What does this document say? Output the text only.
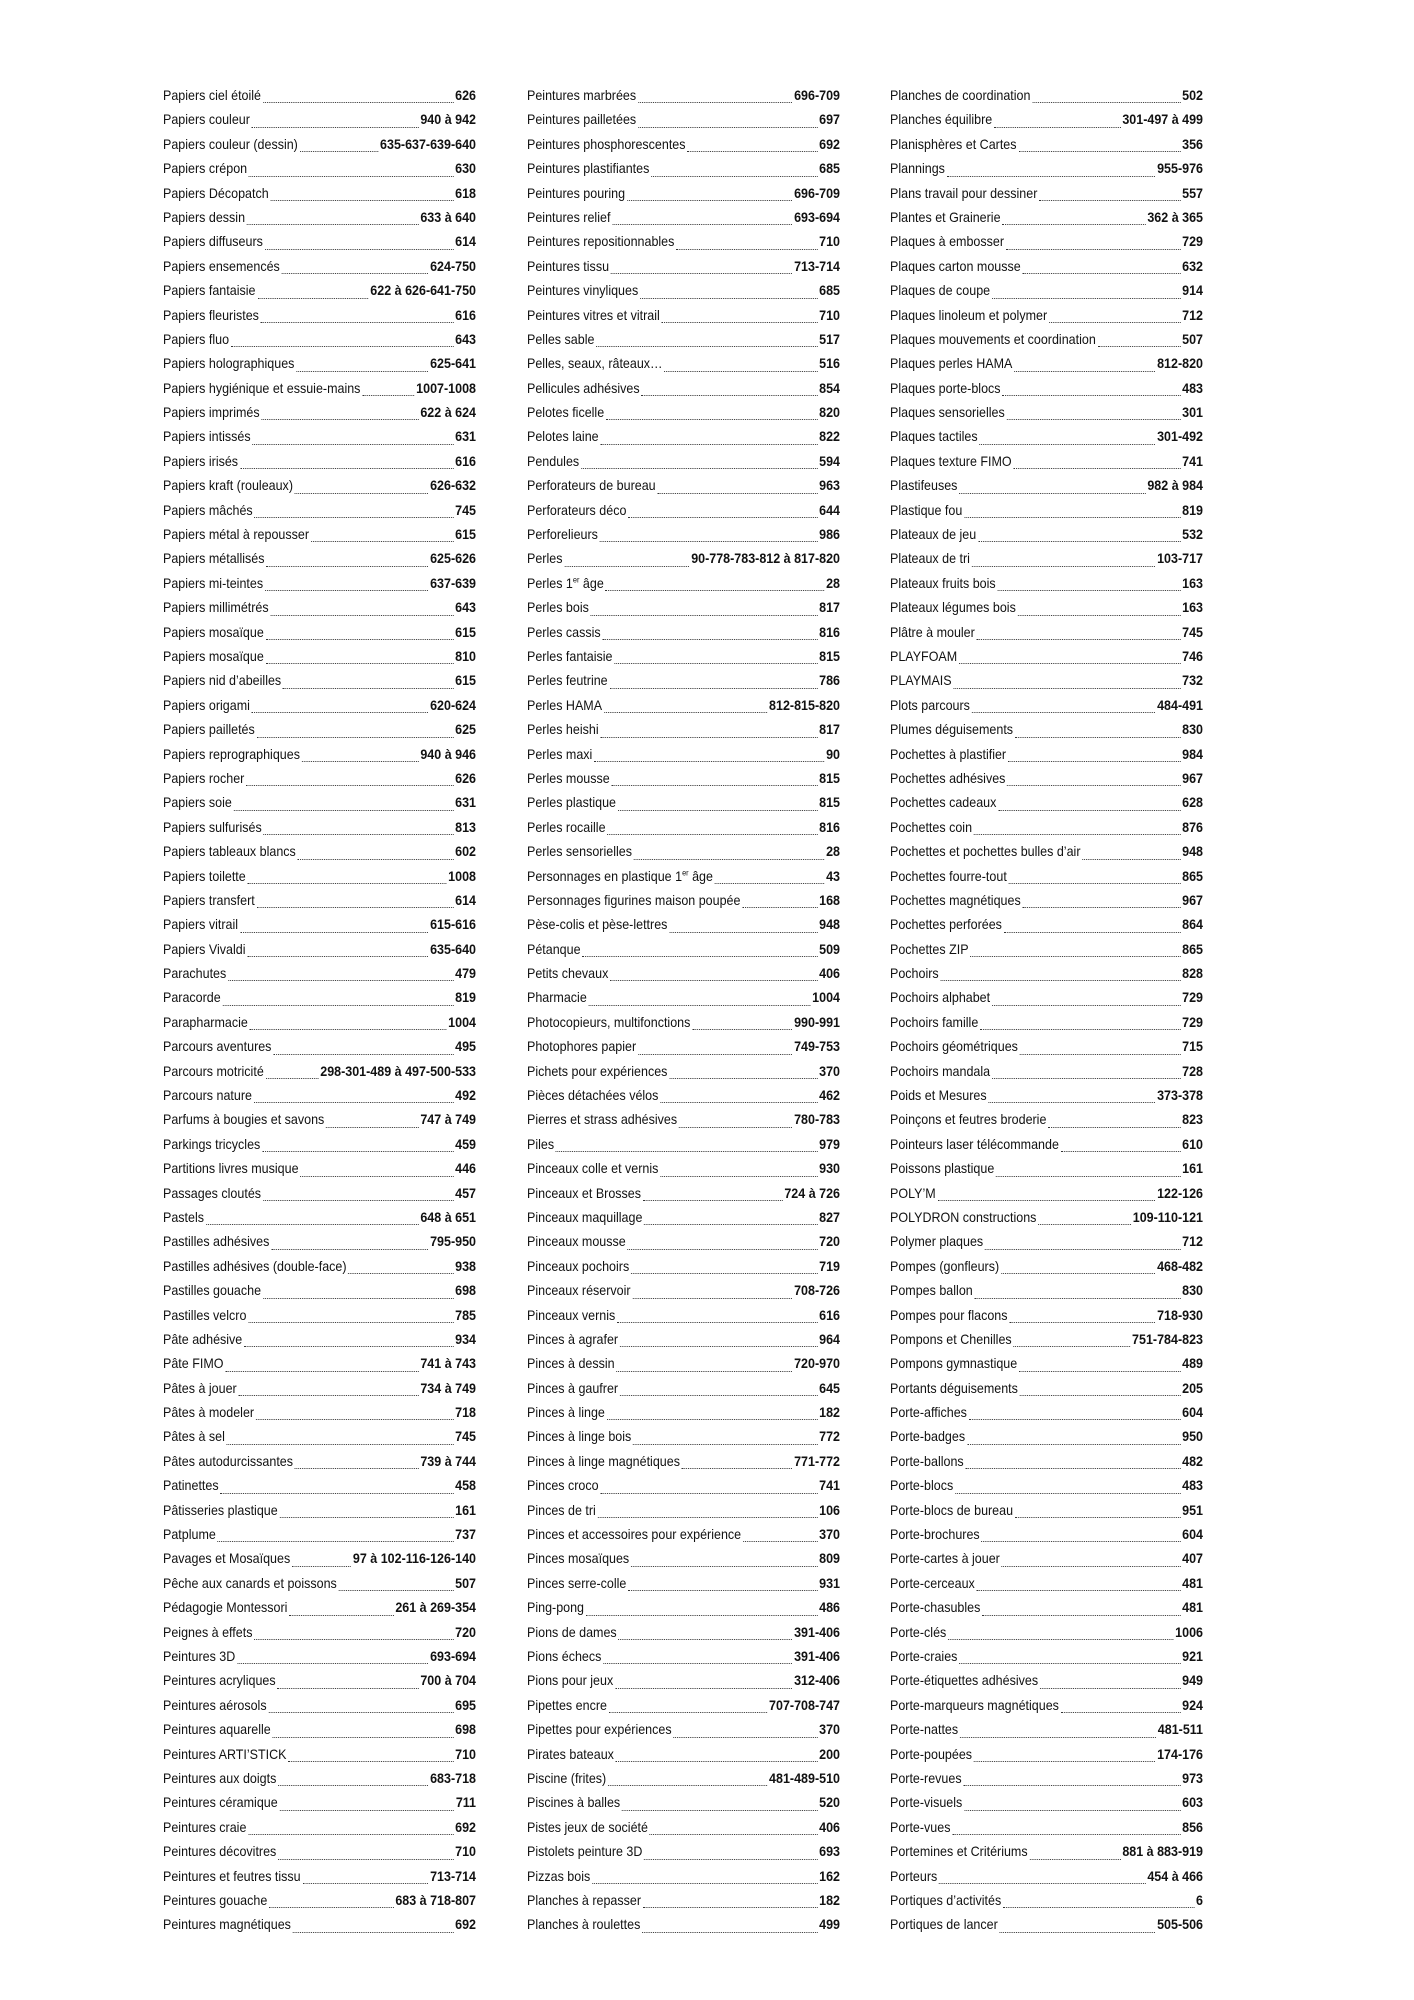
Papiers ciel étoilé	626
Papiers couleur	940 à 942
Papiers couleur (dessin)	635-637-639-640
Papiers crépon	630
Papiers Décopatch	618
Papiers dessin	633 à 640
Papiers diffuseurs	614
Papiers ensemencés	624-750
Papiers fantaisie	622 à 626-641-750
Papiers fleuristes	616
Papiers fluo	643
Papiers holographiques	625-641
Papiers hygiénique et essuie-mains	1007-1008
Papiers imprimés	622 à 624
Papiers intissés	631
Papiers irisés	616
Papiers kraft (rouleaux)	626-632
Papiers mâchés	745
Papiers métal à repousser	615
Papiers métallisés	625-626
Papiers mi-teintes	637-639
Papiers millimétrés	643
Papiers mosaïque	615
Papiers mosaïque	810
Papiers nid d’abeilles	615
Papiers origami	620-624
Papiers pailletés	625
Papiers reprographiques	940 à 946
Papiers rocher	626
Papiers soie	631
Papiers sulfurisés	813
Papiers tableaux blancs	602
Papiers toilette	1008
Papiers transfert	614
Papiers vitrail	615-616
Papiers Vivaldi	635-640
Parachutes	479
Paracorde	819
Parapharmacie	1004
Parcours aventures	495
Parcours motricité	298-301-489 à 497-500-533
Parcours nature	492
Parfums à bougies et savons	747 à 749
Parkings tricycles	459
Partitions livres musique	446
Passages cloutés	457
Pastels	648 à 651
Pastilles adhésives	795-950
Pastilles adhésives (double-face)	938
Pastilles gouache	698
Pastilles velcro	785
Pâte adhésive	934
Pâte FIMO	741 à 743
Pâtes à jouer	734 à 749
Pâtes à modeler	718
Pâtes à sel	745
Pâtes autodurcissantes	739 à 744
Patinettes	458
Pâtisseries plastique	161
Patplume	737
Pavages et Mosaïques	97 à 102-116-126-140
Pêche aux canards et poissons	507
Pédagogie Montessori	261 à 269-354
Peignes à effets	720
Peintures 3D	693-694
Peintures acryliques	700 à 704
Peintures aérosols	695
Peintures aquarelle	698
Peintures ARTI’STICK	710
Peintures aux doigts	683-718
Peintures céramique	711
Peintures craie	692
Peintures décovitres	710
Peintures et feutres tissu	713-714
Peintures gouache	683 à 718-807
Peintures magnétiques	692
Peintures marbrées	696-709
Peintures pailletées	697
Peintures phosphorescentes	692
Peintures plastifiantes	685
Peintures pouring	696-709
Peintures relief	693-694
Peintures repositionnables	710
Peintures tissu	713-714
Peintures vinyliques	685
Peintures vitres et vitrail	710
Pelles sable	517
Pelles, seaux, râteaux…	516
Pellicules adhésives	854
Pelotes ficelle	820
Pelotes laine	822
Pendules	594
Perforateurs de bureau	963
Perforateurs déco	644
Perforelieurs	986
Perles	90-778-783-812 à 817-820
Perles 1er âge	28
Perles bois	817
Perles cassis	816
Perles fantaisie	815
Perles feutrine	786
Perles HAMA	812-815-820
Perles heishi	817
Perles maxi	90
Perles mousse	815
Perles plastique	815
Perles rocaille	816
Perles sensorielles	28
Personnages en plastique 1er âge	43
Personnages figurines maison poupée	168
Pèse-colis et pèse-lettres	948
Pétanque	509
Petits chevaux	406
Pharmacie	1004
Photocopieurs, multifonctions	990-991
Photophores papier	749-753
Pichets pour expériences	370
Pièces détachées vélos	462
Pierres et strass adhésives	780-783
Piles	979
Pinceaux colle et vernis	930
Pinceaux et Brosses	724 à 726
Pinceaux maquillage	827
Pinceaux mousse	720
Pinceaux pochoirs	719
Pinceaux réservoir	708-726
Pinceaux vernis	616
Pinces à agrafer	964
Pinces à dessin	720-970
Pinces à gaufrer	645
Pinces à linge	182
Pinces à linge bois	772
Pinces à linge magnétiques	771-772
Pinces croco	741
Pinces de tri	106
Pinces et accessoires pour expérience	370
Pinces mosaïques	809
Pinces serre-colle	931
Ping-pong	486
Pions de dames	391-406
Pions échecs	391-406
Pions pour jeux	312-406
Pipettes encre	707-708-747
Pipettes pour expériences	370
Pirates bateaux	200
Piscine (frites)	481-489-510
Piscines à balles	520
Pistes jeux de société	406
Pistolets peinture 3D	693
Pizzas bois	162
Planches à repasser	182
Planches à roulettes	499
Planches de coordination	502
Planches équilibre	301-497 à 499
Planisphères et Cartes	356
Plannings	955-976
Plans travail pour dessiner	557
Plantes et Grainerie	362 à 365
Plaques à embosser	729
Plaques carton mousse	632
Plaques de coupe	914
Plaques linoleum et polymer	712
Plaques mouvements et coordination	507
Plaques perles HAMA	812-820
Plaques porte-blocs	483
Plaques sensorielles	301
Plaques tactiles	301-492
Plaques texture FIMO	741
Plastifeuses	982 à 984
Plastique fou	819
Plateaux de jeu	532
Plateaux de tri	103-717
Plateaux fruits bois	163
Plateaux légumes bois	163
Plâtre à mouler	745
PLAYFOAM	746
PLAYMAIS	732
Plots parcours	484-491
Plumes déguisements	830
Pochettes à plastifier	984
Pochettes adhésives	967
Pochettes cadeaux	628
Pochettes coin	876
Pochettes et pochettes bulles d’air	948
Pochettes fourre-tout	865
Pochettes magnétiques	967
Pochettes perforées	864
Pochettes ZIP	865
Pochoirs	828
Pochoirs alphabet	729
Pochoirs famille	729
Pochoirs géométriques	715
Pochoirs mandala	728
Poids et Mesures	373-378
Poinçons et feutres broderie	823
Pointeurs laser télécommande	610
Poissons plastique	161
POLY’M	122-126
POLYDRON constructions	109-110-121
Polymer plaques	712
Pompes (gonfleurs)	468-482
Pompes ballon	830
Pompes pour flacons	718-930
Pompons et Chenilles	751-784-823
Pompons gymnastique	489
Portants déguisements	205
Porte-affiches	604
Porte-badges	950
Porte-ballons	482
Porte-blocs	483
Porte-blocs de bureau	951
Porte-brochures	604
Porte-cartes à jouer	407
Porte-cerceaux	481
Porte-chasubles	481
Porte-clés	1006
Porte-craies	921
Porte-étiquettes adhésives	949
Porte-marqueurs magnétiques	924
Porte-nattes	481-511
Porte-poupées	174-176
Porte-revues	973
Porte-visuels	603
Porte-vues	856
Portemines et Critériums	881 à 883-919
Porteurs	454 à 466
Portiques d’activités	6
Portiques de lancer	505-506
